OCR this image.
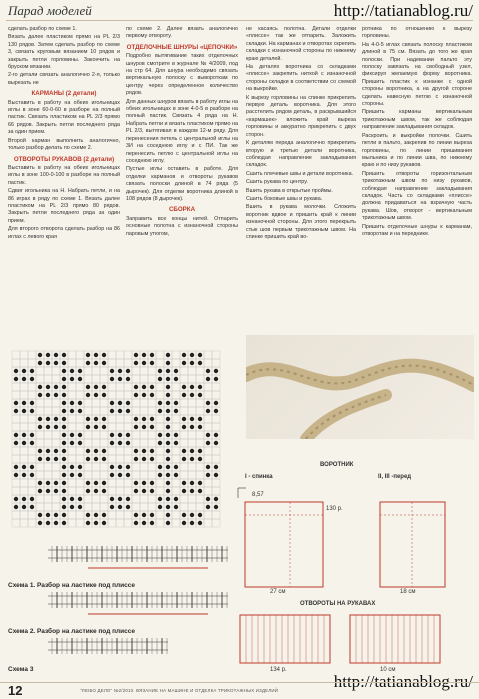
Парад моделей	http://tatianablog.ru/

сделать разбор по схеме 1.

Вязать далее пластиком прямо на PL 2/3 130 рядов. Затем сделать разбор по схеме 3, связать круговым вязанием 10 рядов и закрыть петли горловины. Закончить на бруском вязании.

2-го детали связать аналогично 2-я, только вырезать не

КАРМАНЫ (2 детали)

Выставить в работу на обеих игольницах иглы в зоне 60-0-60 в разборе на полный пастик. Связать пластиком на PL 2/3 прямо 66 рядов. Закрыть петли последнего ряда за один прием.

Второй карман выполнить аналогично, только разбор делать по схеме 2.

ОТВОРОТЫ РУКАВОВ (2 детали)

Выставить в работу на обеих игольницах иглы в зоне 100-0-100 в разборе на полный пастик.

Сдвиг игольника на Н. Набрать петли, и на 86 играх в ряду по схеме 1. Вязать далее пластиком на PL 2/3 прямо 80 рядов. Закрыть петли последнего ряда за один прием.

Для второго отворота сделать разбор на 86 иглах с левого края

по схеме 2. Далее вязать аналогично первому отвороту.

ОТДЕЛОЧНЫЕ ШНУРЫ «ЦЕПОЧКИ»

Подробно вытягивание таких отделочных шнуров смотрите в журнале № 4/2009, под на стр 64. Для шнура необходимо связать вертикальную полоску с вывороткам по центру через определенное количество рядов.

Для данных шнуров вязать в работу иглы на обеих игольницах в зоне 4-0-5 в разборе на полный пастик. Связать 4 ряда на Н. Набрать петли и вязать пластиком прямо на PL 2/3, вытягивая в каждом 12-м ряду. Для перенесения петель с центральной иглы на 3И на соседнюю иглу и с ПИ. Так же перенесить петлю с центральной иглы на соседнюю иглу.

Пустые иглы оставить в работе. Для отделки карманов и отвороты рукавов связать полоски длиной в 74 ряда (5 дырочек). Для отделки воротника длиной в 108 рядов (8 дырочек).

СБОРКА

Заправить все концы нитей. Отпарить основные полотна с изнаночной стороны паровым утюгом,

не касаясь полотна. Детали отделки «плиссе» так же отпарить. Заложить складки. На карманах и отворотах скрепить складки с изнаночной стороны по нижнему краю деталей.

На деталях воротника со складками «плиссе» закрепить ниткой с изнаночной стороны складки в соответствии со схемой на выкройке.

К вырезу горловины на спинке прикрепить первую деталь воротника. Для этого расстелить рядом деталь, в раскрывшийся «кармашек» вложить край выреза горловины и аккуратно прикрепить с двух сторон.

К деталям переда аналогично прикрепить вторую и третью детали воротника, соблюдая направление закладывания складок.

Сшить плечевые швы и детали воротника.

Сшить рукава по центру.

Вшить рукава в открытые проймы.

Сшить боковые швы и рукава.

Вшить в рукава молочки. Сложить воротник вдвое и пришить край к линии изнаночной стороны. Для этого перекрыть стык шов первым трикотажным швом. На спинке пришить край во-

ротника по отношению к вырезу горловины.

На 4-0-5 иглах связать полоску пластиком длиной в 75 см. Вязать до того же края полоски. При надевании пальто эту полоску завязать на свободный узел, фиксируя желаемую форму воротника. Пришить пластик к изнанке с одной стороны воротника, а на другой стороне сделать навесную петлю с изнаночной стороны.

Пришить карманы вертикальным трикотажным швом, так же соблюдая направление закладывания складок.

Раскроить и выкройки полочки. Сшить петли в пальто, закрепив по линии выреза горловины, по линии пришивания мыльника и по линии шва, по нижнему краю и по низу рукавов.

Пришить отвороты горизонтальным трикотажным швом по низу рукавов, соблюдая направление закладывания складок. Часть со складками «плиссе» должна придаваться на взрачную часть рукава. Шов, отворот - вертикальным трикотажным швом.

Пришить отделочные шнуры к карманам, отворотам и на переднике.

Схема 1. Разбор на ластике под плиссе
Схема 2. Разбор на ластике под плиссе
Схема 3
ВОРОТНИК
I - спинка	II, III -перед
8,57
130 р.
27 см	18 см
ОТВОРОТЫ НА РУКАВАХ
134 р.	10 см
http://tatianablog.ru/
12	"ЛЮБО ДЕЛО" №2/2010. ВЯЗАНИЕ НА МАШИНЕ И ОТДЕЛКА ТРИКОТАЖНЫХ ИЗДЕЛИЙ
